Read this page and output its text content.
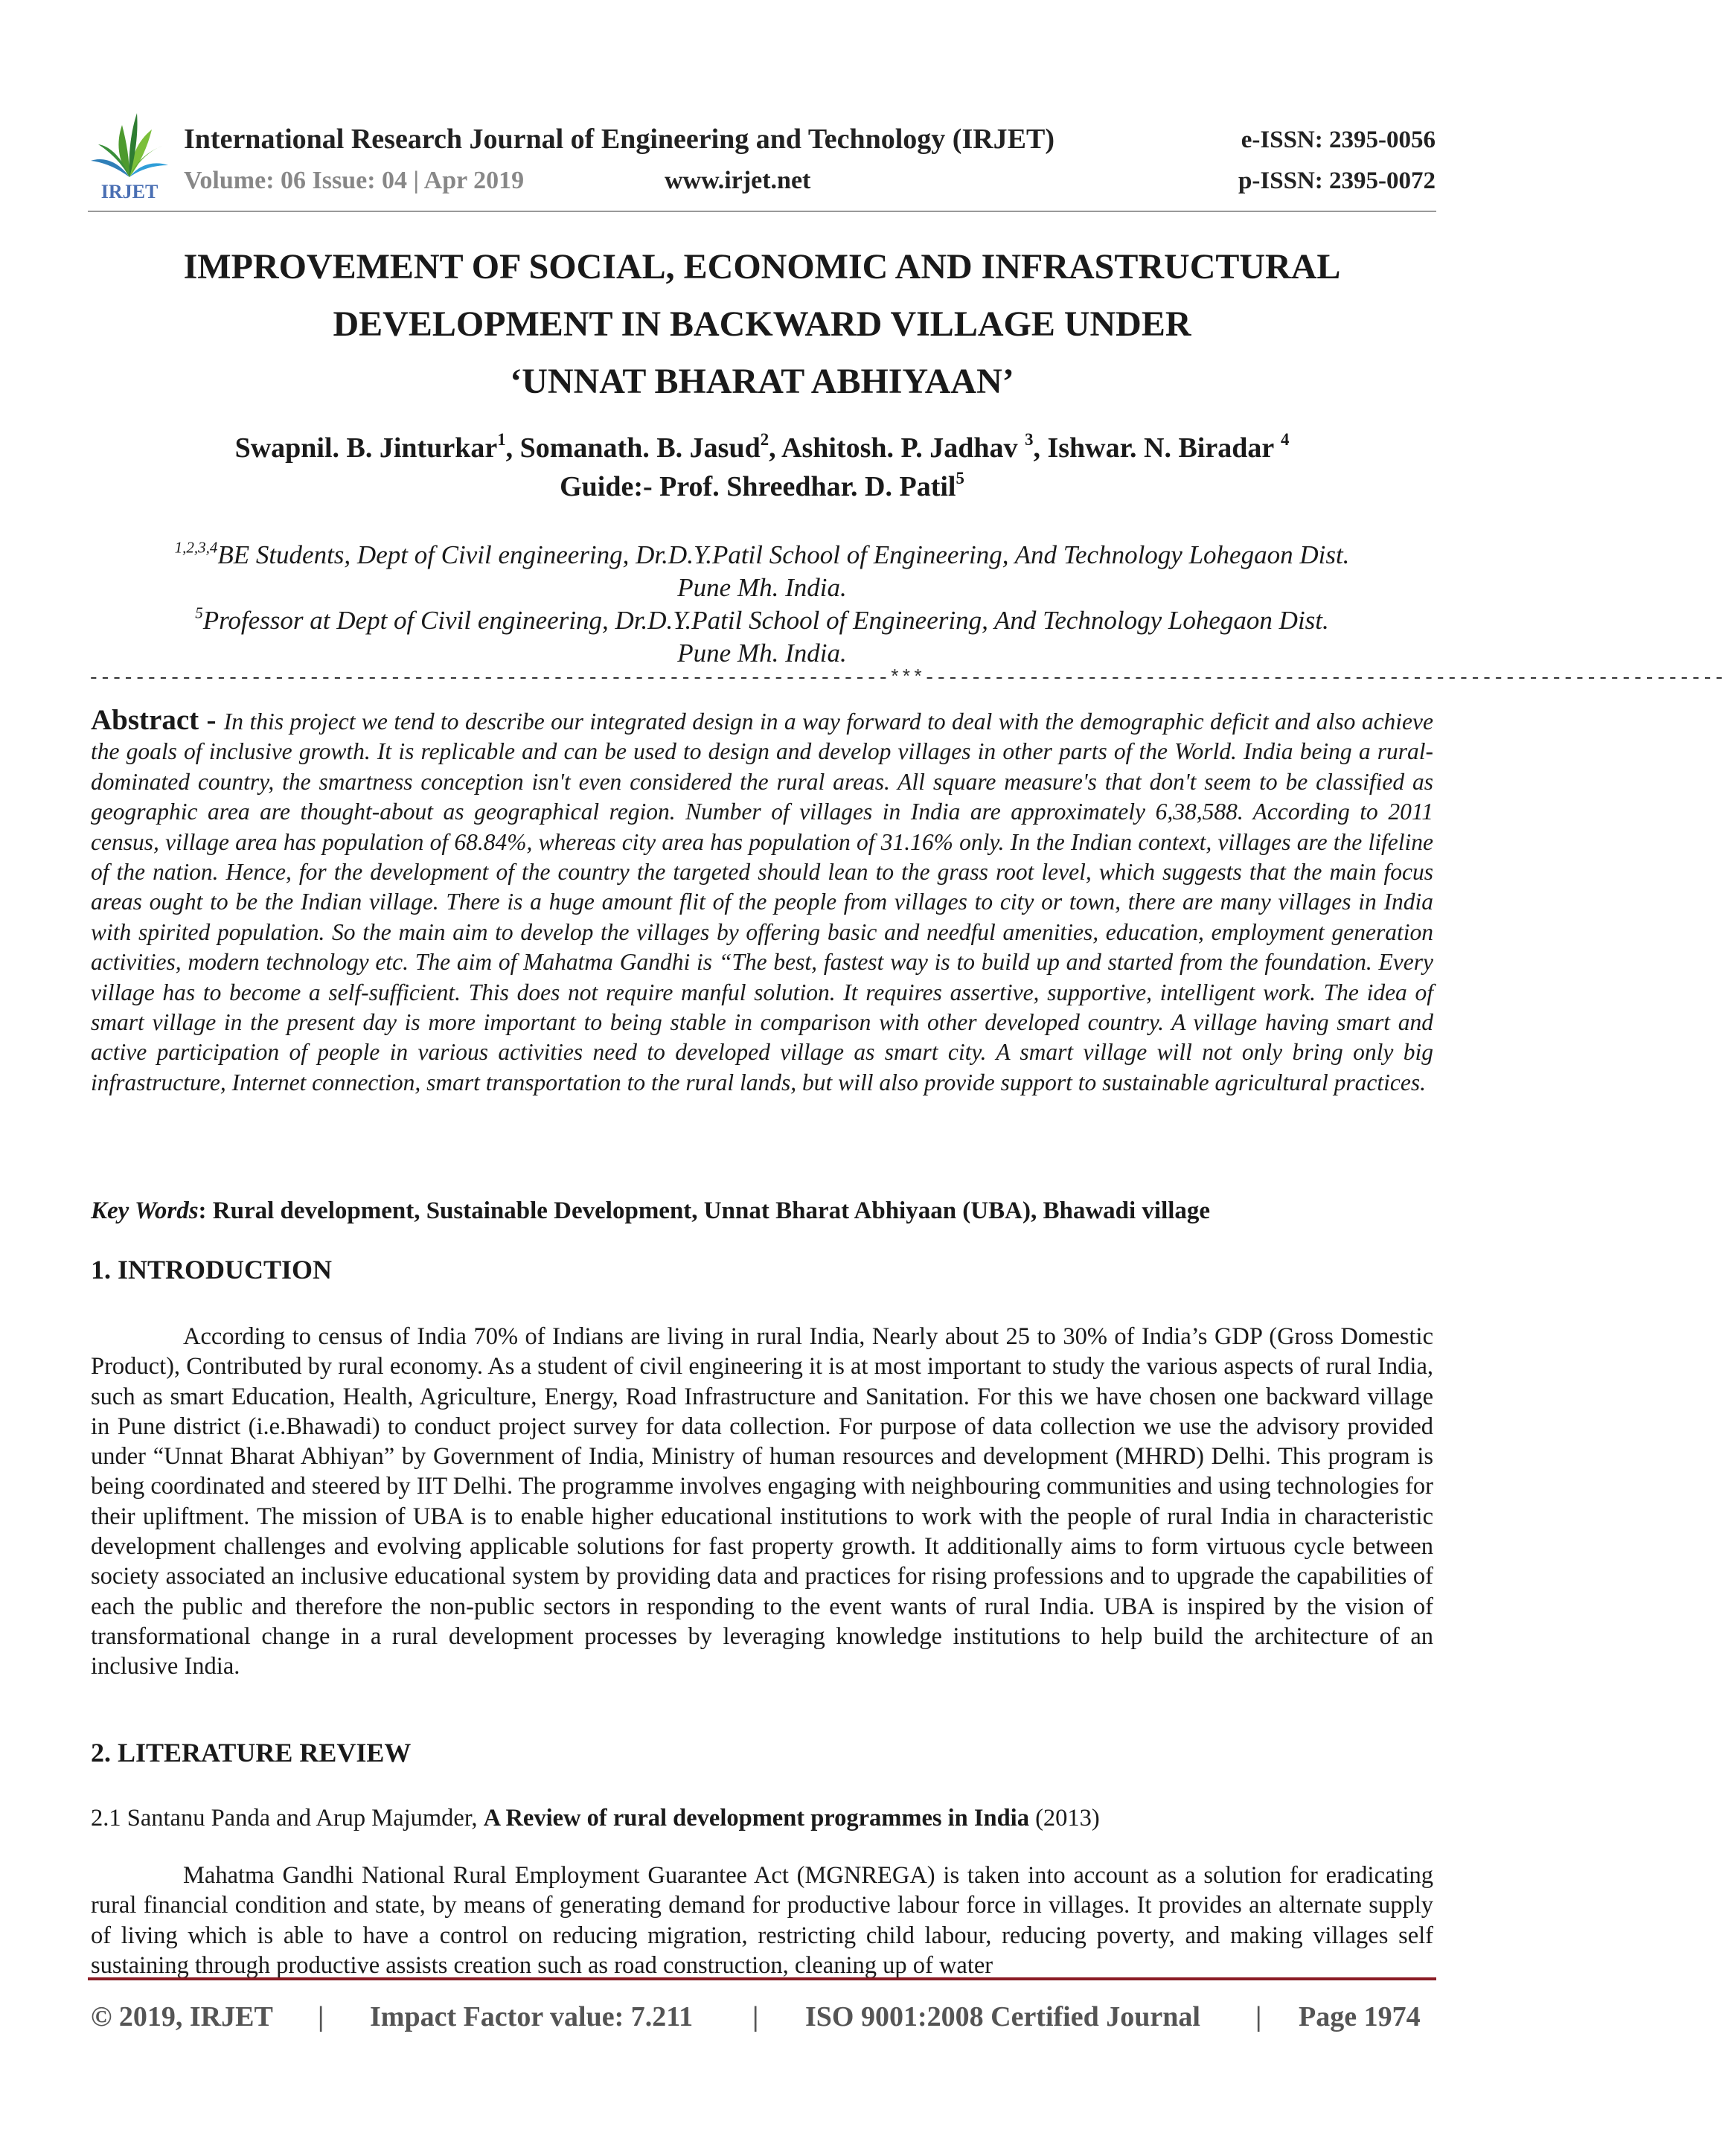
IRJET
International Research Journal of Engineering and Technology (IRJET)
Volume: 06 Issue: 04 | Apr 2019	www.irjet.net
e-ISSN: 2395-0056
p-ISSN: 2395-0072
IMPROVEMENT OF SOCIAL, ECONOMIC AND INFRASTRUCTURAL
DEVELOPMENT IN BACKWARD VILLAGE UNDER
‘UNNAT BHARAT ABHIYAAN’
Swapnil. B. Jinturkar$^1$, Somanath. B. Jasud$^2$, Ashitosh. P. Jadhav $^3$, Ishwar. N. Biradar $^4$
Guide:- Prof. Shreedhar. D. Patil$^5$
$^{1,2,3,4}$BE Students, Dept of Civil engineering, Dr.D.Y.Patil School of Engineering, And Technology Lohegaon Dist.
Pune Mh. India.
$^5$Professor at Dept of Civil engineering, Dr.D.Y.Patil School of Engineering, And Technology Lohegaon Dist.
Pune Mh. India.
---------------------------------------------------------------------***---------------------------------------------------------------------
Abstract - In this project we tend to describe our integrated design in a way forward to deal with the demographic deficit and also achieve the goals of inclusive growth. It is replicable and can be used to design and develop villages in other parts of the World. India being a rural-dominated country, the smartness conception isn't even considered the rural areas. All square measure's that don't seem to be classified as geographic area are thought-about as geographical region. Number of villages in India are approximately 6,38,588. According to 2011 census, village area has population of 68.84%, whereas city area has population of 31.16% only. In the Indian context, villages are the lifeline of the nation. Hence, for the development of the country the targeted should lean to the grass root level, which suggests that the main focus areas ought to be the Indian village. There is a huge amount flit of the people from villages to city or town, there are many villages in India with spirited population. So the main aim to develop the villages by offering basic and needful amenities, education, employment generation activities, modern technology etc. The aim of Mahatma Gandhi is “The best, fastest way is to build up and started from the foundation. Every village has to become a self-sufficient. This does not require manful solution. It requires assertive, supportive, intelligent work. The idea of smart village in the present day is more important to being stable in comparison with other developed country. A village having smart and active participation of people in various activities need to developed village as smart city. A smart village will not only bring only big infrastructure, Internet connection, smart transportation to the rural lands, but will also provide support to sustainable agricultural practices.
Key Words: Rural development, Sustainable Development, Unnat Bharat Abhiyaan (UBA), Bhawadi village
1. INTRODUCTION
According to census of India 70% of Indians are living in rural India, Nearly about 25 to 30% of India’s GDP (Gross Domestic Product), Contributed by rural economy. As a student of civil engineering it is at most important to study the various aspects of rural India, such as smart Education, Health, Agriculture, Energy, Road Infrastructure and Sanitation. For this we have chosen one backward village in Pune district (i.e.Bhawadi) to conduct project survey for data collection. For purpose of data collection we use the advisory provided under “Unnat Bharat Abhiyan” by Government of India, Ministry of human resources and development (MHRD) Delhi. This program is being coordinated and steered by IIT Delhi. The programme involves engaging with neighbouring communities and using technologies for their upliftment. The mission of UBA is to enable higher educational institutions to work with the people of rural India in characteristic development challenges and evolving applicable solutions for fast property growth. It additionally aims to form virtuous cycle between society associated an inclusive educational system by providing data and practices for rising professions and to upgrade the capabilities of each the public and therefore the non-public sectors in responding to the event wants of rural India. UBA is inspired by the vision of transformational change in a rural development processes by leveraging knowledge institutions to help build the architecture of an inclusive India.
2. LITERATURE REVIEW
2.1 Santanu Panda and Arup Majumder, A Review of rural development programmes in India (2013)
Mahatma Gandhi National Rural Employment Guarantee Act (MGNREGA) is taken into account as a solution for eradicating rural financial condition and state, by means of generating demand for productive labour force in villages. It provides an alternate supply of living which is able to have a control on reducing migration, restricting child labour, reducing poverty, and making villages self sustaining through productive assists creation such as road construction, cleaning up of water
© 2019, IRJET | Impact Factor value: 7.211 | ISO 9001:2008 Certified Journal | Page 1974
